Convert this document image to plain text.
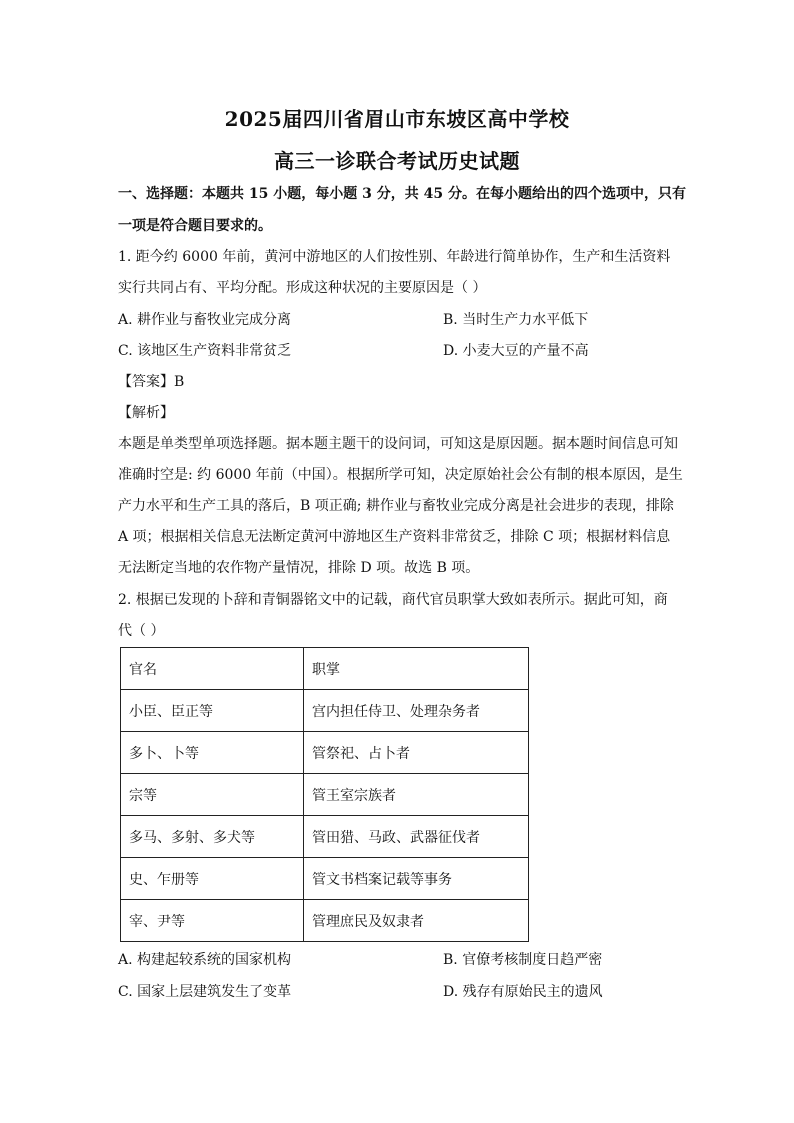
2025届四川省眉山市东坡区高中学校
高三一诊联合考试历史试题
一、选择题：本题共 15 小题，每小题 3 分，共 45 分。在每小题给出的四个选项中，只有
一项是符合题目要求的。
1. 距今约 6000 年前，黄河中游地区的人们按性别、年龄进行简单协作，生产和生活资料
实行共同占有、平均分配。形成这种状况的主要原因是（ ）
A. 耕作业与畜牧业完成分离	B. 当时生产力水平低下
C. 该地区生产资料非常贫乏	D. 小麦大豆的产量不高
【答案】B
【解析】
本题是单类型单项选择题。据本题主题干的设问词，可知这是原因题。据本题时间信息可知
准确时空是: 约 6000 年前（中国）。根据所学可知，决定原始社会公有制的根本原因，是生
产力水平和生产工具的落后，B 项正确; 耕作业与畜牧业完成分离是社会进步的表现，排除
A 项；根据相关信息无法断定黄河中游地区生产资料非常贫乏，排除 C 项；根据材料信息
无法断定当地的农作物产量情况，排除 D 项。故选 B 项。
2. 根据已发现的卜辞和青铜器铭文中的记载，商代官员职掌大致如表所示。据此可知，商
代（ ）
官名	职掌
小臣、臣正等	宫内担任侍卫、处理杂务者
多卜、卜等	管祭祀、占卜者
宗等	管王室宗族者
多马、多射、多犬等	管田猎、马政、武器征伐者
史、乍册等	管文书档案记载等事务
宰、尹等	管理庶民及奴隶者
A. 构建起较系统的国家机构	B. 官僚考核制度日趋严密
C. 国家上层建筑发生了变革	D. 残存有原始民主的遗风
